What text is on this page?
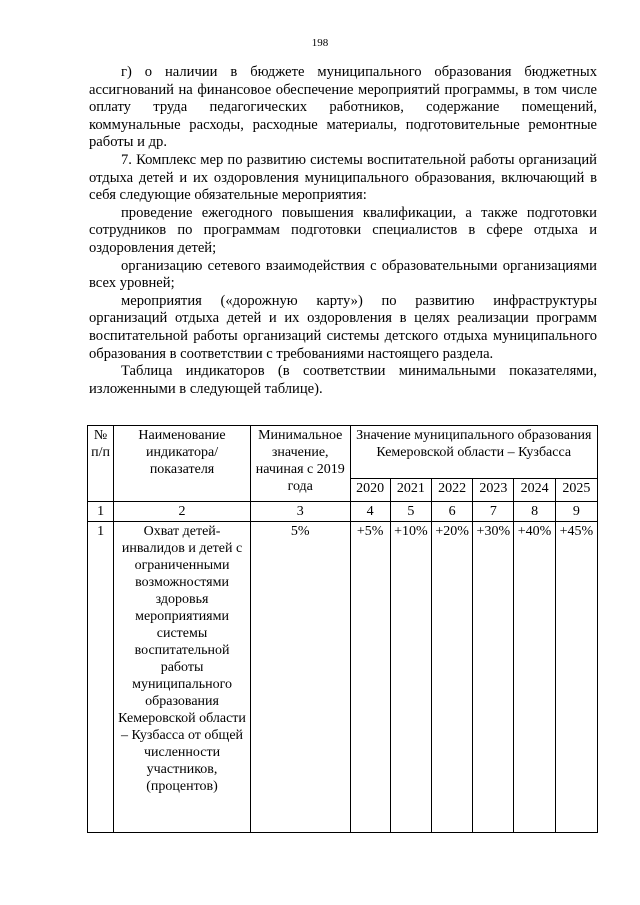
198

г) о наличии в бюджете муниципального образования бюджетных ассигнований на финансовое обеспечение мероприятий программы, в том числе оплату труда педагогических работников, содержание помещений, коммунальные расходы, расходные материалы, подготовительные ремонтные работы и др.

7. Комплекс мер по развитию системы воспитательной работы организаций отдыха детей и их оздоровления муниципального образования, включающий в себя следующие обязательные мероприятия:

проведение ежегодного повышения квалификации, а также подготовки сотрудников по программам подготовки специалистов в сфере отдыха и оздоровления детей;

организацию сетевого взаимодействия с образовательными организациями всех уровней;

мероприятия («дорожную карту») по развитию инфраструктуры организаций отдыха детей и их оздоровления в целях реализации программ воспитательной работы организаций системы детского отдыха муниципального образования в соответствии с требованиями настоящего раздела.

Таблица индикаторов (в соответствии минимальными показателями, изложенными в следующей таблице).

№ п/п	Наименование индикатора/ показателя	Минимальное значение, начиная с 2019 года	Значение муниципального образования Кемеровской области – Кузбасса					
			2020	2021	2022	2023	2024	2025
1	2	3	4	5	6	7	8	9
1	Охват детей-инвалидов и детей с ограниченными возможностями здоровья мероприятиями системы воспитательной работы муниципального образования Кемеровской области – Кузбасса от общей численности участников, (процентов)	5%	+5%	+10%	+20%	+30%	+40%	+45%
